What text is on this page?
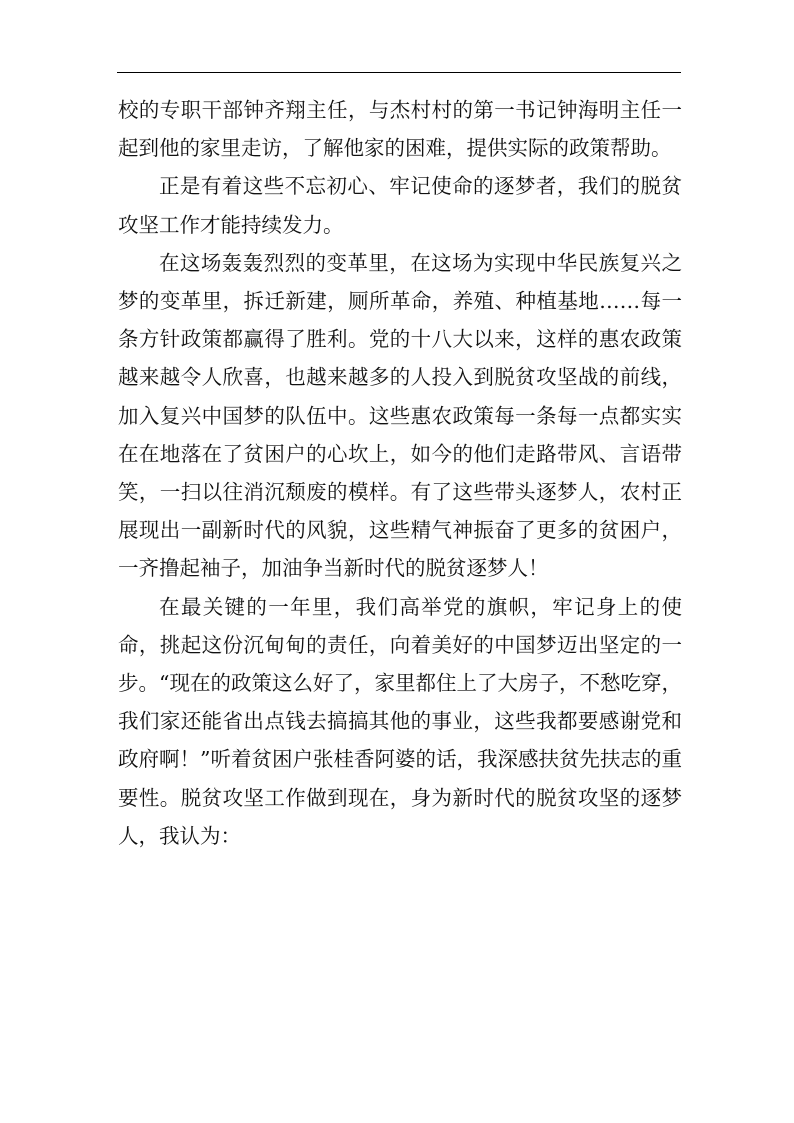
校的专职干部钟齐翔主任，与杰村村的第一书记钟海明主任一起到他的家里走访，了解他家的困难，提供实际的政策帮助。

正是有着这些不忘初心、牢记使命的逐梦者，我们的脱贫攻坚工作才能持续发力。

在这场轰轰烈烈的变革里，在这场为实现中华民族复兴之梦的变革里，拆迁新建，厕所革命，养殖、种植基地……每一条方针政策都赢得了胜利。党的十八大以来，这样的惠农政策越来越令人欣喜，也越来越多的人投入到脱贫攻坚战的前线，加入复兴中国梦的队伍中。这些惠农政策每一条每一点都实实在在地落在了贫困户的心坎上，如今的他们走路带风、言语带笑，一扫以往消沉颓废的模样。有了这些带头逐梦人，农村正展现出一副新时代的风貌，这些精气神振奋了更多的贫困户，一齐撸起袖子，加油争当新时代的脱贫逐梦人！

在最关键的一年里，我们高举党的旗帜，牢记身上的使命，挑起这份沉甸甸的责任，向着美好的中国梦迈出坚定的一步。“现在的政策这么好了，家里都住上了大房子，不愁吃穿，我们家还能省出点钱去搞搞其他的事业，这些我都要感谢党和政府啊！”听着贫困户张桂香阿婆的话，我深感扶贫先扶志的重要性。脱贫攻坚工作做到现在，身为新时代的脱贫攻坚的逐梦人，我认为：
